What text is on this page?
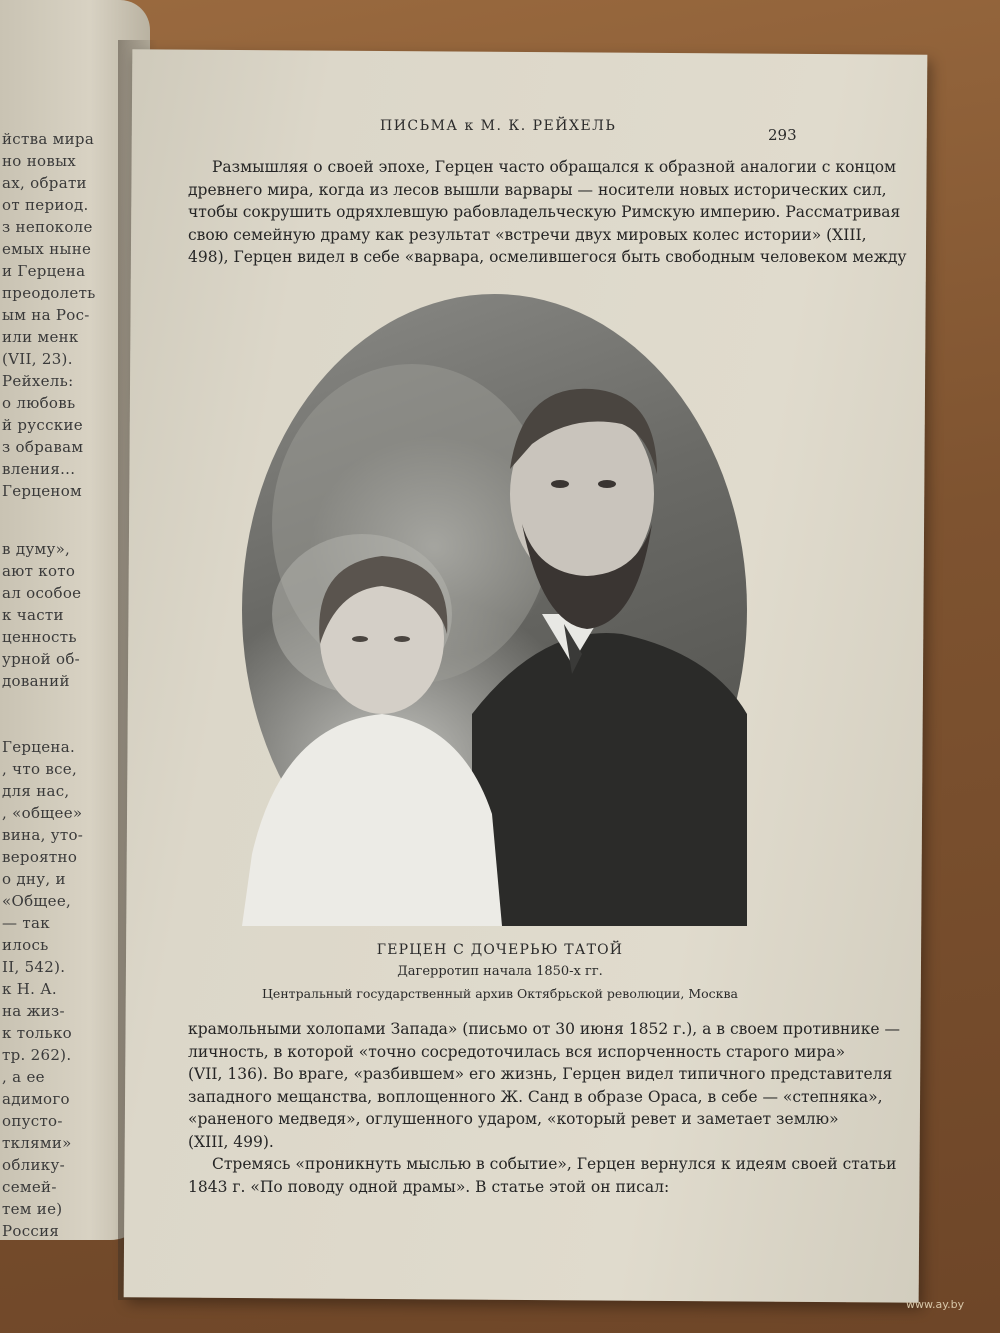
йства мира
но новых
ах, обрати
от период.
з непоколе
емых ныне
и Герцена
преодолеть
ым на Рос-
или менк
(VII, 23).
Рейхель:
о любовь
й русские
з обравам
вления...
Герценом
в думу»,
ают кото
ал особое
к части
ценность
урной об-
дований
Герцена.
, что все,
для нас,
, «общее»
вина, уто-
вероятно
о дну, и
«Общее,
— так
илось
II, 542).
к Н. А.
на жиз-
к только
тр. 262).
, а ее
адимого
опусто-
тклями»
облику-
семей-
тем ие)
Россия
ПИСЬМА к М. К. РЕЙХЕЛЬ	293
Размышляя о своей эпохе, Герцен часто обращался к образной аналогии с концом
древнего мира, когда из лесов вышли варвары — носители новых исторических сил,
чтобы сокрушить одряхлевшую рабовладельческую Римскую империю. Рассматривая
свою семейную драму как результат «встречи двух мировых колес истории» (XIII,
498), Герцен видел в себе «варвара, осмелившегося быть свободным человеком между
ГЕРЦЕН С ДОЧЕРЬЮ ТАТОЙ
Дагерротип начала 1850-х гг.
Центральный государственный архив Октябрьской революции, Москва
крамольными холопами Запада» (письмо от 30 июня 1852 г.), а в своем противнике —
личность, в которой «точно сосредоточилась вся испорченность старого мира»
(VII, 136). Во враге, «разбившем» его жизнь, Герцен видел типичного представителя
западного мещанства, воплощенного Ж. Санд в образе Ораса, в себе — «степняка»,
«раненого медведя», оглушенного ударом, «который ревет и заметает землю»
(XIII, 499).
Стремясь «проникнуть мыслью в событие», Герцен вернулся к идеям своей статьи
1843 г. «По поводу одной драмы». В статье этой он писал:
www.ay.by
